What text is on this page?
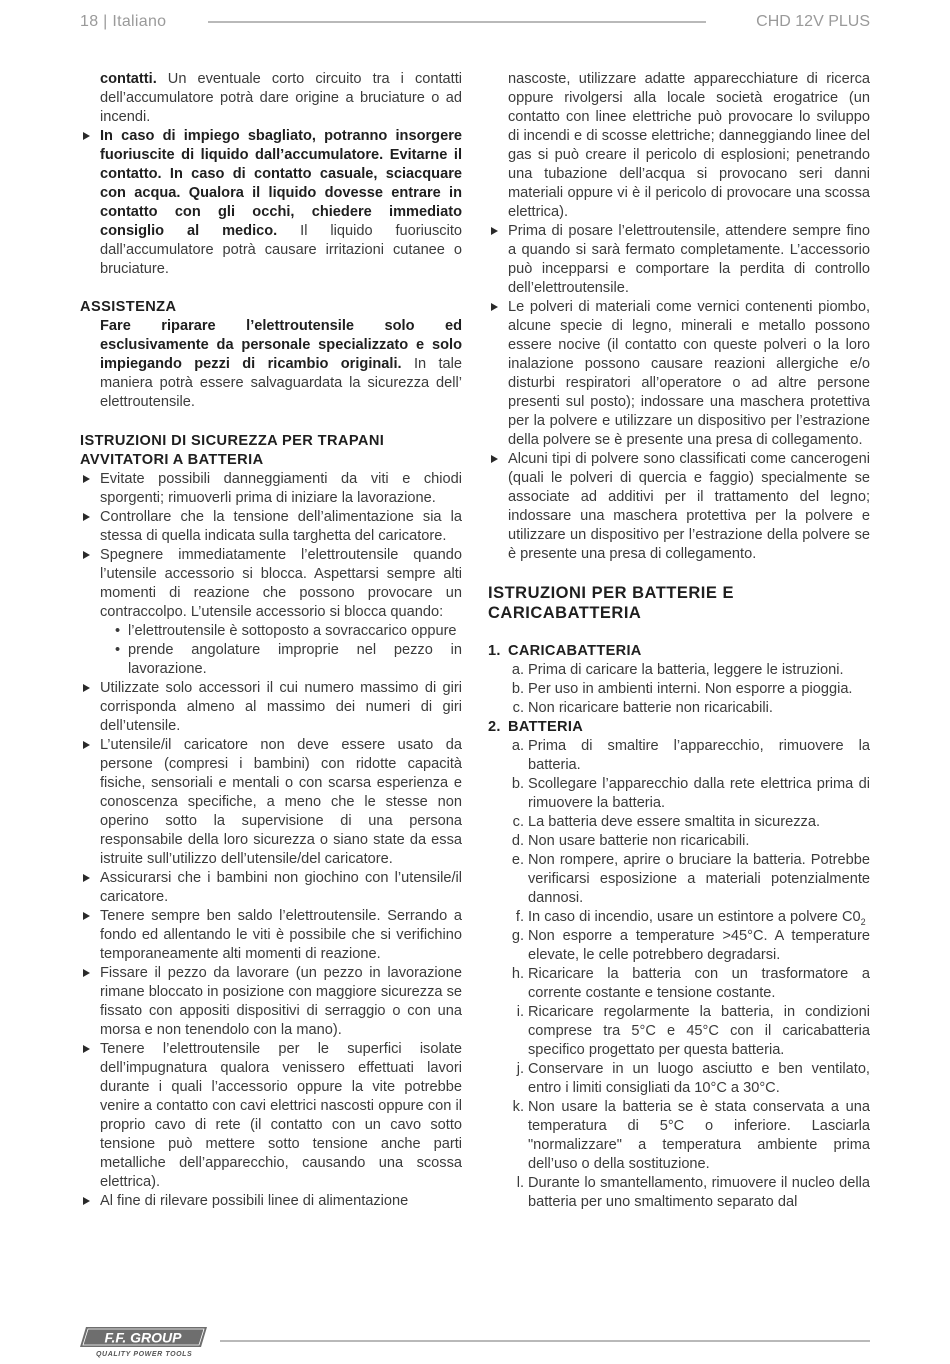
18 | Italiano	CHD 12V PLUS
contatti. Un eventuale corto circuito tra i contatti dell’accumulatore potrà dare origine a bruciature o ad incendi.
In caso di impiego sbagliato, potranno insorgere fuoriuscite di liquido dall’accumulatore. Evitarne il contatto. In caso di contatto casuale, sciacquare con acqua. Qualora il liquido dovesse entrare in contatto con gli occhi, chiedere immediato consiglio al medico. Il liquido fuoriuscito dall’accumulatore potrà causare irritazioni cutanee o bruciature.
ASSISTENZA
Fare riparare l’elettroutensile solo ed esclusivamente da personale specializzato e solo impiegando pezzi di ricambio originali. In tale maniera potrà essere salvaguardata la sicurezza dell’ elettroutensile.
ISTRUZIONI DI SICUREZZA PER TRAPANI AVVITATORI A BATTERIA
Evitate possibili danneggiamenti da viti e chiodi sporgenti; rimuoverli prima di iniziare la lavorazione.
Controllare che la tensione dell’alimentazione sia la stessa di quella indicata sulla targhetta del caricatore.
Spegnere immediatamente l’elettroutensile quando l’utensile accessorio si blocca. Aspettarsi sempre alti momenti di reazione che possono provocare un contraccolpo. L’utensile accessorio si blocca quando:
• l’elettroutensile è sottoposto a sovraccarico oppure
• prende angolature improprie nel pezzo in lavorazione.
Utilizzate solo accessori il cui numero massimo di giri corrisponda almeno al massimo dei numeri di giri dell’utensile.
L’utensile/il caricatore non deve essere usato da persone (compresi i bambini) con ridotte capacità fisiche, sensoriali e mentali o con scarsa esperienza e conoscenza specifiche, a meno che le stesse non operino sotto la supervisione di una persona responsabile della loro sicurezza o siano state da essa istruite sull’utilizzo dell’utensile/del caricatore.
Assicurarsi che i bambini non giochino con l’utensile/il caricatore.
Tenere sempre ben saldo l’elettroutensile. Serrando a fondo ed allentando le viti è possibile che si verifichino temporaneamente alti momenti di reazione.
Fissare il pezzo da lavorare (un pezzo in lavorazione rimane bloccato in posizione con maggiore sicurezza se fissato con appositi dispositivi di serraggio o con una morsa e non tenendolo con la mano).
Tenere l’elettroutensile per le superfici isolate dell’impugnatura qualora venissero effettuati lavori durante i quali l’accessorio oppure la vite potrebbe venire a contatto con cavi elettrici nascosti oppure con il proprio cavo di rete (il contatto con un cavo sotto tensione può mettere sotto tensione anche parti metalliche dell’apparecchio, causando una scossa elettrica).
Al fine di rilevare possibili linee di alimentazione
nascoste, utilizzare adatte apparecchiature di ricerca oppure rivolgersi alla locale società erogatrice (un contatto con linee elettriche può provocare lo sviluppo di incendi e di scosse elettriche; danneggiando linee del gas si può creare il pericolo di esplosioni; penetrando una tubazione dell’acqua si provocano seri danni materiali oppure vi è il pericolo di provocare una scossa elettrica).
Prima di posare l’elettroutensile, attendere sempre fino a quando si sarà fermato completamente. L’accessorio può incepparsi e comportare la perdita di controllo dell’elettroutensile.
Le polveri di materiali come vernici contenenti piombo, alcune specie di legno, minerali e metallo possono essere nocive (il contatto con queste polveri o la loro inalazione possono causare reazioni allergiche e/o disturbi respiratori all’operatore o ad altre persone presenti sul posto); indossare una maschera protettiva per la polvere e utilizzare un dispositivo per l’estrazione della polvere se è presente una presa di collegamento.
Alcuni tipi di polvere sono classificati come cancerogeni (quali le polveri di quercia e faggio) specialmente se associate ad additivi per il trattamento del legno; indossare una maschera protettiva per la polvere e utilizzare un dispositivo per l’estrazione della polvere se è presente una presa di collegamento.
ISTRUZIONI PER BATTERIE E CARICABATTERIA
1. CARICABATTERIA
a. Prima di caricare la batteria, leggere le istruzioni.
b. Per uso in ambienti interni. Non esporre a pioggia.
c. Non ricaricare batterie non ricaricabili.
2. BATTERIA
a. Prima di smaltire l’apparecchio, rimuovere la batteria.
b. Scollegare l’apparecchio dalla rete elettrica prima di rimuovere la batteria.
c. La batteria deve essere smaltita in sicurezza.
d. Non usare batterie non ricaricabili.
e. Non rompere, aprire o bruciare la batteria. Potrebbe verificarsi esposizione a materiali potenzialmente dannosi.
f. In caso di incendio, usare un estintore a polvere $C0_2$
g. Non esporre a temperature >45°C. A temperature elevate, le celle potrebbero degradarsi.
h. Ricaricare la batteria con un trasformatore a corrente costante e tensione costante.
i. Ricaricare regolarmente la batteria, in condizioni comprese tra 5°C e 45°C con il caricabatteria specifico progettato per questa batteria.
j. Conservare in un luogo asciutto e ben ventilato, entro i limiti consigliati da 10°C a 30°C.
k. Non usare la batteria se è stata conservata a una temperatura di 5°C o inferiore. Lasciarla "normalizzare" a temperatura ambiente prima dell’uso o della sostituzione.
l. Durante lo smantellamento, rimuovere il nucleo della batteria per uno smaltimento separato dal
F.F. GROUP
QUALITY POWER TOOLS
